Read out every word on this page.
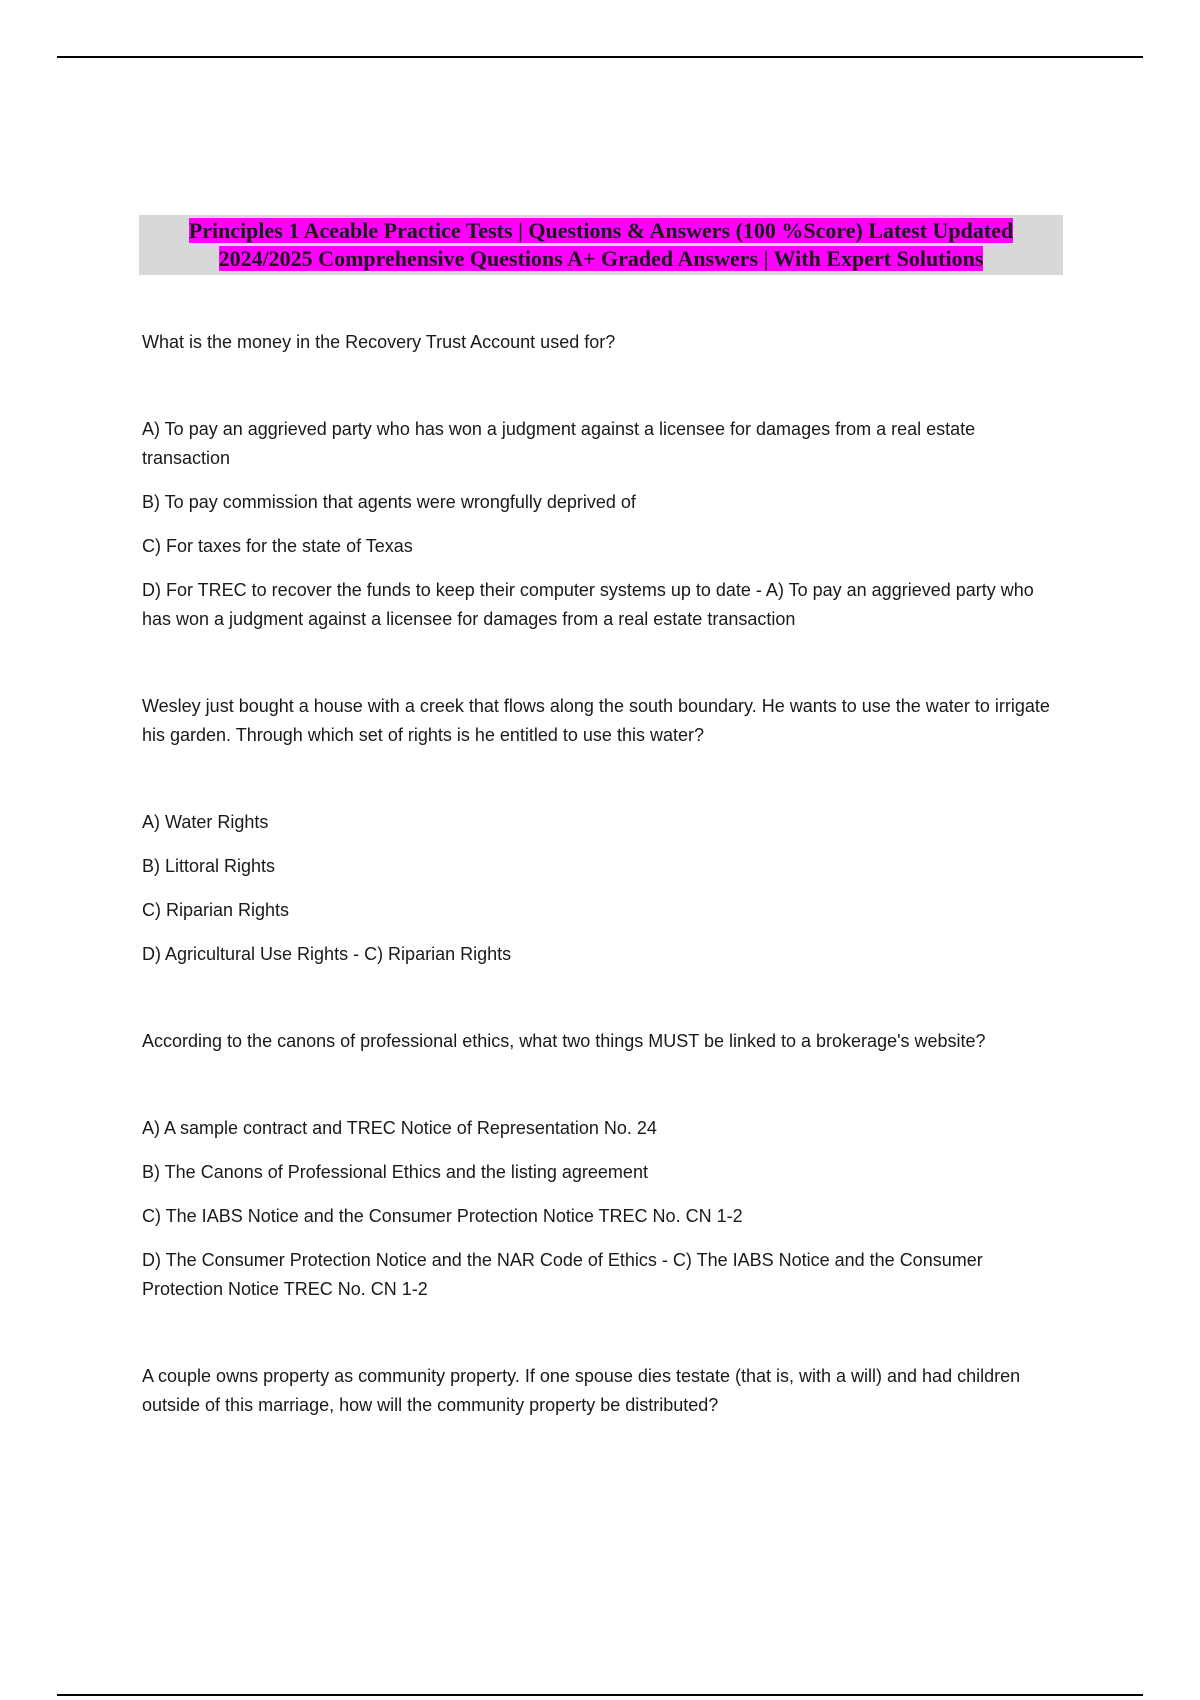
Principles 1 Aceable Practice Tests | Questions & Answers (100 %Score) Latest Updated
2024/2025 Comprehensive Questions A+ Graded Answers | With Expert Solutions

What is the money in the Recovery Trust Account used for?

A) To pay an aggrieved party who has won a judgment against a licensee for damages from a real estate transaction

B) To pay commission that agents were wrongfully deprived of

C) For taxes for the state of Texas

D) For TREC to recover the funds to keep their computer systems up to date - A) To pay an aggrieved party who has won a judgment against a licensee for damages from a real estate transaction

Wesley just bought a house with a creek that flows along the south boundary. He wants to use the water to irrigate his garden. Through which set of rights is he entitled to use this water?

A) Water Rights

B) Littoral Rights

C) Riparian Rights

D) Agricultural Use Rights - C) Riparian Rights

According to the canons of professional ethics, what two things MUST be linked to a brokerage's website?

A) A sample contract and TREC Notice of Representation No. 24

B) The Canons of Professional Ethics and the listing agreement

C) The IABS Notice and the Consumer Protection Notice TREC No. CN 1-2

D) The Consumer Protection Notice and the NAR Code of Ethics - C) The IABS Notice and the Consumer Protection Notice TREC No. CN 1-2

A couple owns property as community property. If one spouse dies testate (that is, with a will) and had children outside of this marriage, how will the community property be distributed?
